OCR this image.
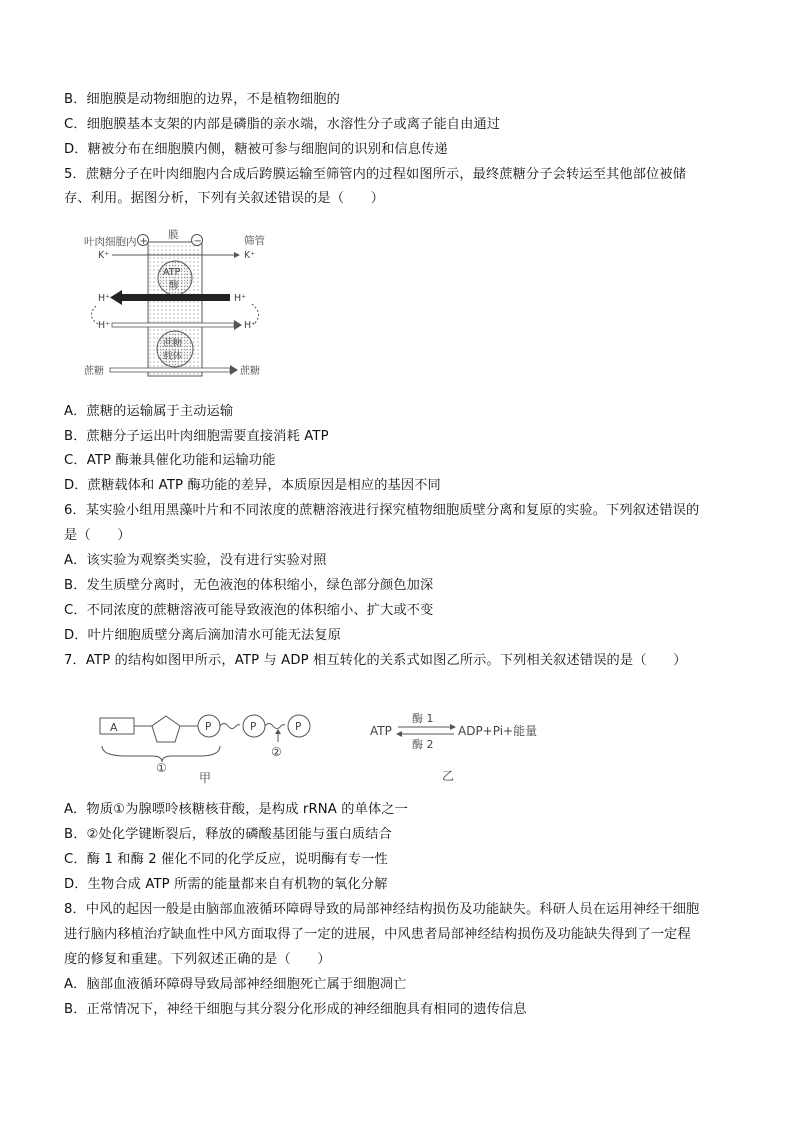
B．细胞膜是动物细胞的边界，不是植物细胞的
C．细胞膜基本支架的内部是磷脂的亲水端，水溶性分子或离子能自由通过
D．糖被分布在细胞膜内侧，糖被可参与细胞间的识别和信息传递
5．蔗糖分子在叶肉细胞内合成后跨膜运输至筛管内的过程如图所示，最终蔗糖分子会转运至其他部位被储
存、利用。据图分析，下列有关叙述错误的是（　　）
叶肉细胞内 +
膜
−	筛管
K⁺	K⁺
ATP
酶
H⁺	H⁺
H⁺	H⁺
蔗糖
载体
蔗糖	蔗糖
A．蔗糖的运输属于主动运输
B．蔗糖分子运出叶肉细胞需要直接消耗 ATP
C．ATP 酶兼具催化功能和运输功能
D．蔗糖载体和 ATP 酶功能的差异，本质原因是相应的基因不同
6．某实验小组用黑藻叶片和不同浓度的蔗糖溶液进行探究植物细胞质壁分离和复原的实验。下列叙述错误的
是（　　）
A．该实验为观察类实验，没有进行实验对照
B．发生质壁分离时，无色液泡的体积缩小，绿色部分颜色加深
C．不同浓度的蔗糖溶液可能导致液泡的体积缩小、扩大或不变
D．叶片细胞质壁分离后滴加清水可能无法复原
7．ATP 的结构如图甲所示，ATP 与 ADP 相互转化的关系式如图乙所示。下列相关叙述错误的是（　　）
A	P	P	P
②
①
甲
ATP
酶 1
酶 2
ADP+Pi+能量
乙
A．物质①为腺嘌呤核糖核苷酸，是构成 rRNA 的单体之一
B．②处化学键断裂后，释放的磷酸基团能与蛋白质结合
C．酶 1 和酶 2 催化不同的化学反应，说明酶有专一性
D．生物合成 ATP 所需的能量都来自有机物的氧化分解
8．中风的起因一般是由脑部血液循环障碍导致的局部神经结构损伤及功能缺失。科研人员在运用神经干细胞
进行脑内移植治疗缺血性中风方面取得了一定的进展，中风患者局部神经结构损伤及功能缺失得到了一定程
度的修复和重建。下列叙述正确的是（　　）
A．脑部血液循环障碍导致局部神经细胞死亡属于细胞凋亡
B．正常情况下，神经干细胞与其分裂分化形成的神经细胞具有相同的遗传信息
